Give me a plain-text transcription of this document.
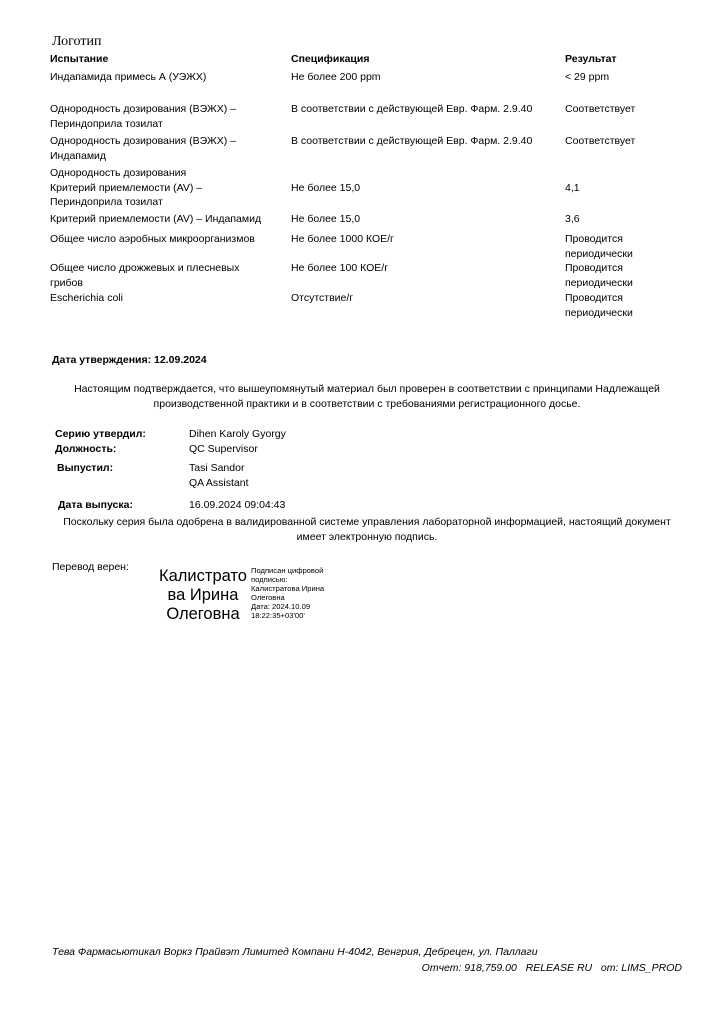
Логотип
Испытание	Спецификация	Результат
Индапамида примесь А (УЭЖХ)	Не более 200 ppm	< 29 ppm
Однородность дозирования (ВЭЖХ) –
Периндоприла тозилат
В соответствии с действующей Евр. Фарм. 2.9.40	Соответствует
Однородность дозирования (ВЭЖХ) –
Индапамид
В соответствии с действующей Евр. Фарм. 2.9.40	Соответствует
Однородность дозирования
Критерий приемлемости (AV) –
Периндоприла тозилат
Не более 15,0	4,1
Критерий приемлемости (AV) – Индапамид	Не более 15,0	3,6
Общее число аэробных микроорганизмов	Не более 1000 КОЕ/г	Проводится
периодически
Общее число дрожжевых и плесневых
грибов
Не более 100 КОЕ/г	Проводится
периодически
Escherichia coli	Отсутствие/г	Проводится
периодически
Дата утверждения: 12.09.2024
Настоящим подтверждается, что вышеупомянутый материал был проверен в соответствии с принципами Надлежащей производственной практики и в соответствии с требованиями регистрационного досье.
Серию утвердил:	Dihen Karoly Gyorgy
Должность:	QC Supervisor
Выпустил:	Tasi Sandor
QA Assistant
Дата выпуска:	16.09.2024 09:04:43
Поскольку серия была одобрена в валидированной системе управления лабораторной информацией, настоящий документ имеет электронную подпись.
Перевод верен:	Калистрато
ва Ирина
Олеговна
Подписан цифровой
подписью:
Калистратова Ирина
Олеговна
Дата: 2024.10.09
18:22:35+03'00'
Тева Фармасьютикал Воркз Прайвэт Лимитед Компани Н-4042, Венгрия, Дебрецен, ул. Паллаги
Отчет: 918,759.00   RELEASE RU   от: LIMS_PROD
